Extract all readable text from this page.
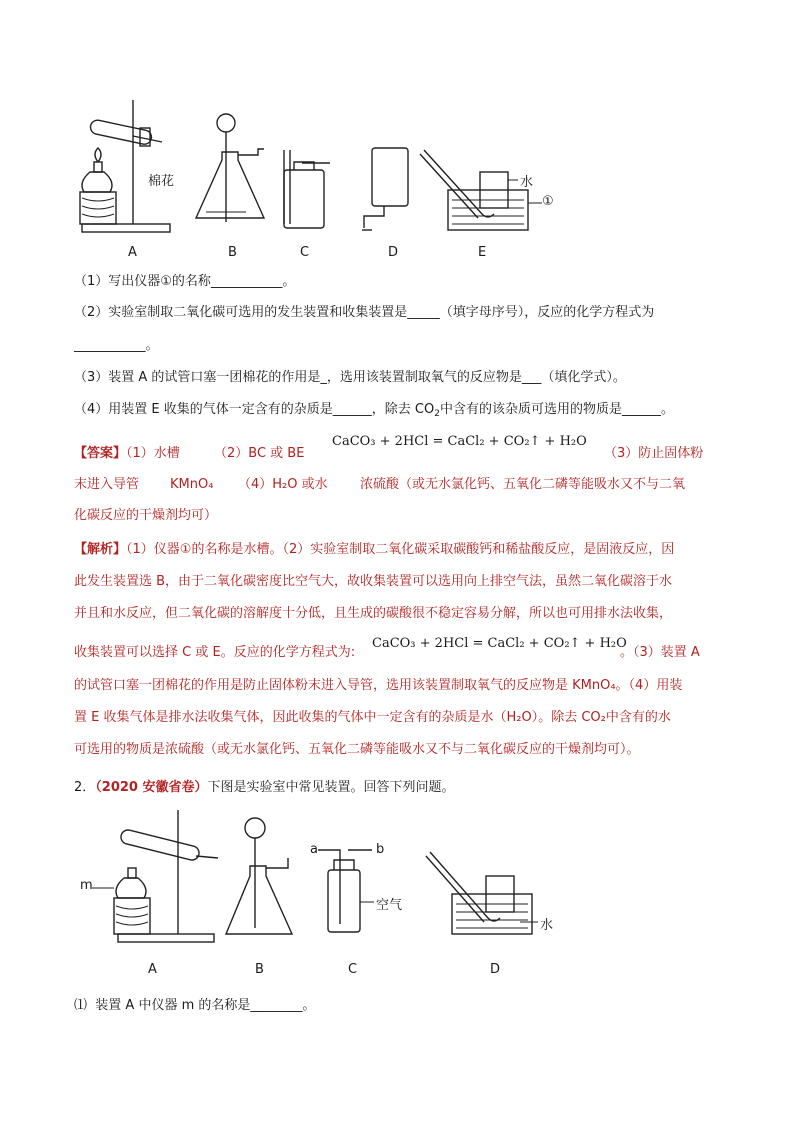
棉花	水
①
A	B	C	D	E
（1）写出仪器①的名称___________。
（2）实验室制取二氧化碳可选用的发生装置和收集装置是_____（填字母序号），反应的化学方程式为
___________。
（3）装置 A 的试管口塞一团棉花的作用是_，选用该装置制取氧气的反应物是___（填化学式）。
（4）用装置 E 收集的气体一定含有的杂质是______，除去 $CO_2$中含有的该杂质可选用的物质是______。
【答案】（1）水槽	（2）BC 或 BE
CaCO₃ + 2HCl = CaCl₂ + CO₂↑ + H₂O
（3）防止固体粉
末进入导管 KMnO₄ （4）H₂O 或水 浓硫酸（或无水氯化钙、五氧化二磷等能吸水又不与二氧
化碳反应的干燥剂均可）
【解析】（1）仪器①的名称是水槽。（2）实验室制取二氧化碳采取碳酸钙和稀盐酸反应，是固液反应，因
此发生装置选 B，由于二氧化碳密度比空气大，故收集装置可以选用向上排空气法，虽然二氧化碳溶于水
并且和水反应，但二氧化碳的溶解度十分低，且生成的碳酸很不稳定容易分解，所以也可用排水法收集，
收集装置可以选择 C 或 E。反应的化学方程式为:
CaCO₃ + 2HCl = CaCl₂ + CO₂↑ + H₂O
。（3）装置 A
的试管口塞一团棉花的作用是防止固体粉末进入导管，选用该装置制取氧气的反应物是 KMnO₄。（4）用装
置 E 收集气体是排水法收集气体，因此收集的气体中一定含有的杂质是水（H₂O）。除去 CO₂中含有的水
可选用的物质是浓硫酸（或无水氯化钙、五氧化二磷等能吸水又不与二氧化碳反应的干燥剂均可）。
2．（2020 安徽省卷）下图是实验室中常见装置。回答下列问题。
m
a	b
空气
水
A	B	C	D
⑴ 装置 A 中仪器 m 的名称是________。
